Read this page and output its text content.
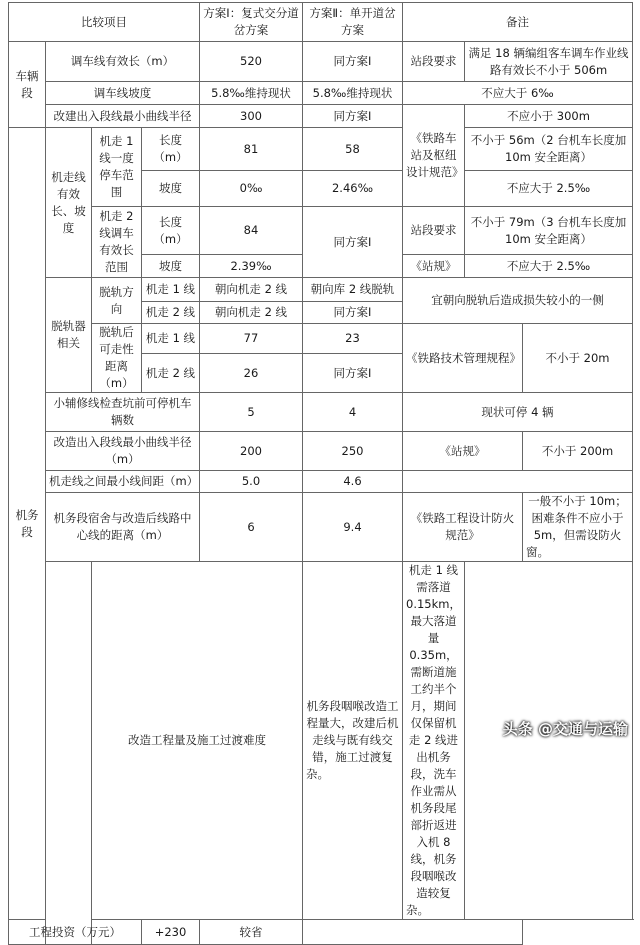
比较项目				方案Ⅰ：复式交分道岔方案	方案Ⅱ：单开道岔方案	备注		
车辆段	调车线有效长（m）			520	同方案Ⅰ	站段要求	满足 18 辆编组客车调车作业线路有效长不小于 506m	
	调车线坡度			5.8‰维持现状	5.8‰维持现状	不应大于 6‰		
	改建出入段线最小曲线半径			300	同方案Ⅰ	《铁路车站及枢纽设计规范》	不应小于 300m	
机务段	机走线有效长、坡度	机走 1 线一度停车范围	长度（m）	81	58		不小于 56m（2 台机车长度加 10m 安全距离）	
			坡度	0‰	2.46‰		不应大于 2.5‰	
		机走 2 线调车有效长范围	长度（m）	84	同方案Ⅰ	站段要求	不小于 79m（3 台机车长度加 10m 安全距离）	
			坡度	2.39‰		《站规》	不应大于 2.5‰	
	脱轨器相关	脱轨方向	机走 1 线	朝向机走 2 线	朝向库 2 线脱轨	宜朝向脱轨后造成损失较小的一侧		
			机走 2 线	朝向机走 2 线	同方案Ⅰ			
		脱轨后可走性距离（m）	机走 1 线	77	23	《铁路技术管理规程》		不小于 20m
			机走 2 线	26	同方案Ⅰ			
	小辅修线检查坑前可停机车辆数			5	4	现状可停 4 辆		
	改造出入段线最小曲线半径（m）			200	250	《站规》		不小于 200m
	机走线之间最小线间距（m）			5.0	4.6			
	机务段宿舍与改造后线路中心线的距离（m）			6	9.4	《铁路工程设计防火规范》		一般不小于 10m；困难条件不应小于 5m，但需设防火窗。
		改造工程量及施工过渡难度			机务段咽喉改造工程量大，改建后机走线与既有线交错，施工过渡复杂。	机走 1 线需落道 0.15km，最大落道量 0.35m，需断道施工约半个月，期间仅保留机走 2 线进出机务段，洗车作业需从机务段尾部折返进入机 8 线，机务段咽喉改造较复杂。		
工程投资（万元）			+230	较省				
头条 @交通与运输
